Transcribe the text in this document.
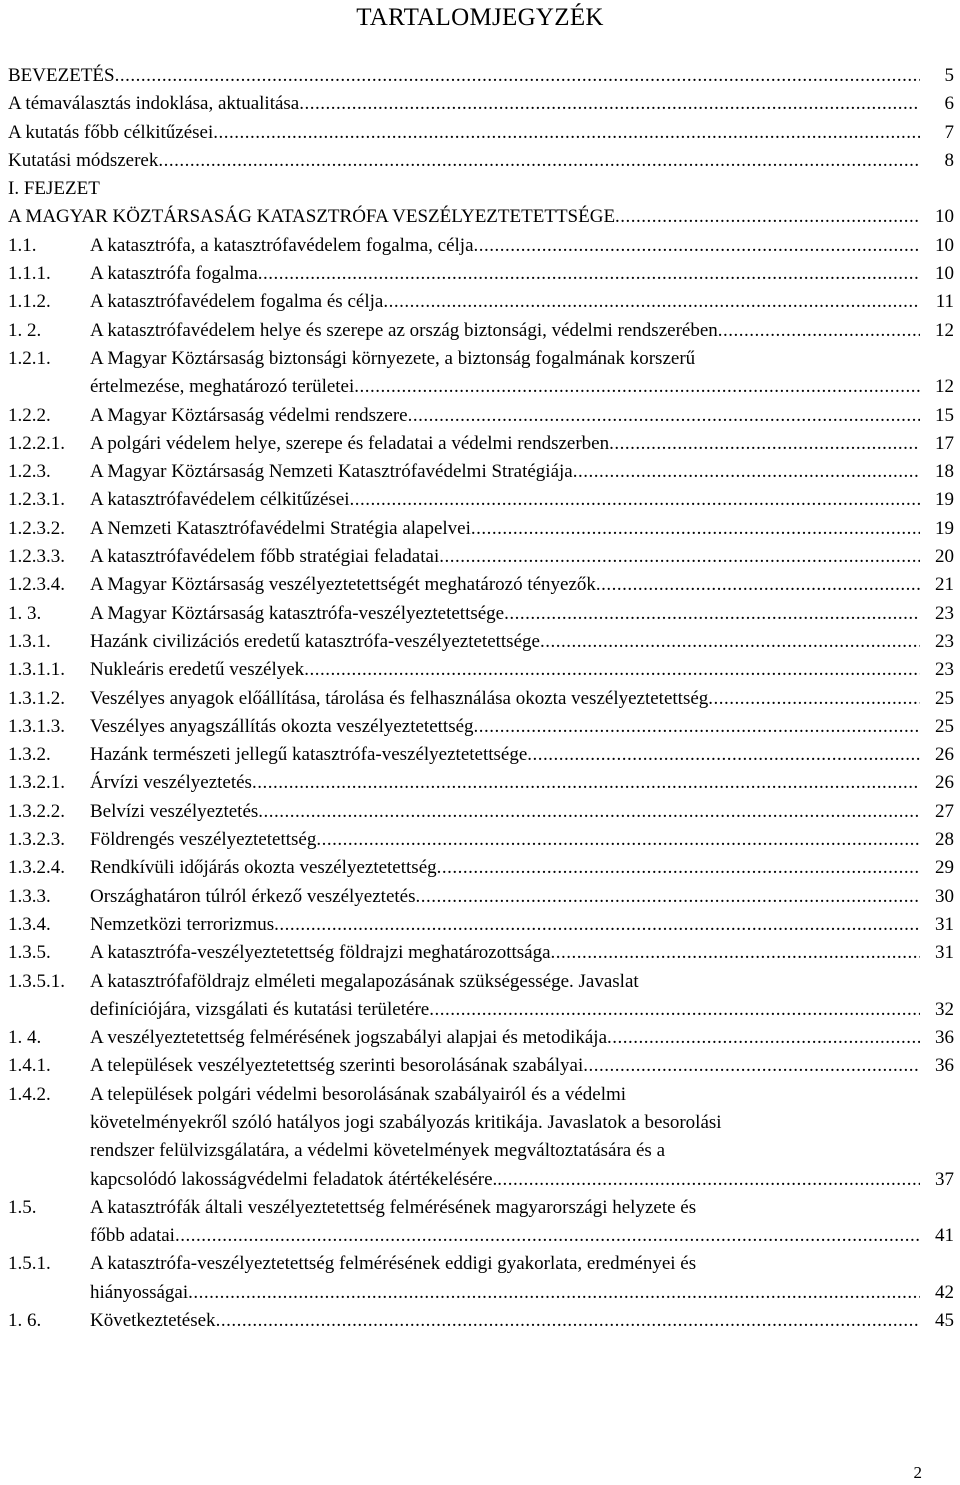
TARTALOMJEGYZÉK
BEVEZETÉS .....	5
A témaválasztás indoklása, aktualitása .....	6
A kutatás főbb célkitűzései .....	7
Kutatási módszerek .....	8
I. FEJEZET
A MAGYAR KÖZTÁRSASÁG KATASZTRÓFA VESZÉLYEZTETETTSÉGE .....	10
1.1.	A katasztrófa, a katasztrófavédelem fogalma, célja .....	10
1.1.1. A katasztrófa fogalma .....	10
1.1.2. A katasztrófavédelem fogalma és célja .....	11
1. 2.	A katasztrófavédelem helye és szerepe az ország biztonsági, védelmi rendszerében .....	12
1.2.1. A Magyar Köztársaság biztonsági környezete, a biztonság fogalmának korszerű
értelmezése, meghatározó területei .....	12
1.2.2. A Magyar Köztársaság védelmi rendszere .....	15
1.2.2.1. A polgári védelem helye, szerepe és feladatai a védelmi rendszerben .....	17
1.2.3. A Magyar Köztársaság Nemzeti Katasztrófavédelmi Stratégiája .....	18
1.2.3.1. A katasztrófavédelem célkitűzései .....	19
1.2.3.2. A Nemzeti Katasztrófavédelmi Stratégia alapelvei .....	19
1.2.3.3. A katasztrófavédelem főbb stratégiai feladatai .....	20
1.2.3.4. A Magyar Köztársaság veszélyeztetettségét meghatározó tényezők .....	21
1. 3.	A Magyar Köztársaság katasztrófa-veszélyeztetettsége .....	23
1.3.1. Hazánk civilizációs eredetű katasztrófa-veszélyeztetettsége .....	23
1.3.1.1. Nukleáris eredetű veszélyek .....	23
1.3.1.2. Veszélyes anyagok előállítása, tárolása és felhasználása okozta veszélyeztetettség .....	25
1.3.1.3. Veszélyes anyagszállítás okozta veszélyeztetettség .....	25
1.3.2. Hazánk természeti jellegű katasztrófa-veszélyeztetettsége .....	26
1.3.2.1. Árvízi veszélyeztetés .....	26
1.3.2.2. Belvízi veszélyeztetés .....	27
1.3.2.3. Földrengés veszélyeztetettség .....	28
1.3.2.4. Rendkívüli időjárás okozta veszélyeztetettség .....	29
1.3.3. Országhatáron túlról érkező veszélyeztetés .....	30
1.3.4. Nemzetközi terrorizmus .....	31
1.3.5. A katasztrófa-veszélyeztetettség földrajzi meghatározottsága .....	31
1.3.5.1. A katasztrófaföldrajz elméleti megalapozásának szükségessége. Javaslat
definíciójára, vizsgálati és kutatási területére .....	32
1. 4.	A veszélyeztetettség felmérésének jogszabályi alapjai és metodikája .....	36
1.4.1. A települések veszélyeztetettség szerinti besorolásának szabályai .....	36
1.4.2. A települések polgári védelmi besorolásának szabályairól és a védelmi
követelményekről szóló hatályos jogi szabályozás kritikája. Javaslatok a besorolási
rendszer felülvizsgálatára, a védelmi követelmények megváltoztatására és a
kapcsolódó lakosságvédelmi feladatok átértékelésére. .....	37
1.5.	A katasztrófák általi veszélyeztetettség felmérésének magyarországi helyzete és
főbb adatai .....	41
1.5.1. A katasztrófa-veszélyeztetettség felmérésének eddigi gyakorlata, eredményei és
hiányosságai .....	42
1. 6.	Következtetések .....	45
2
